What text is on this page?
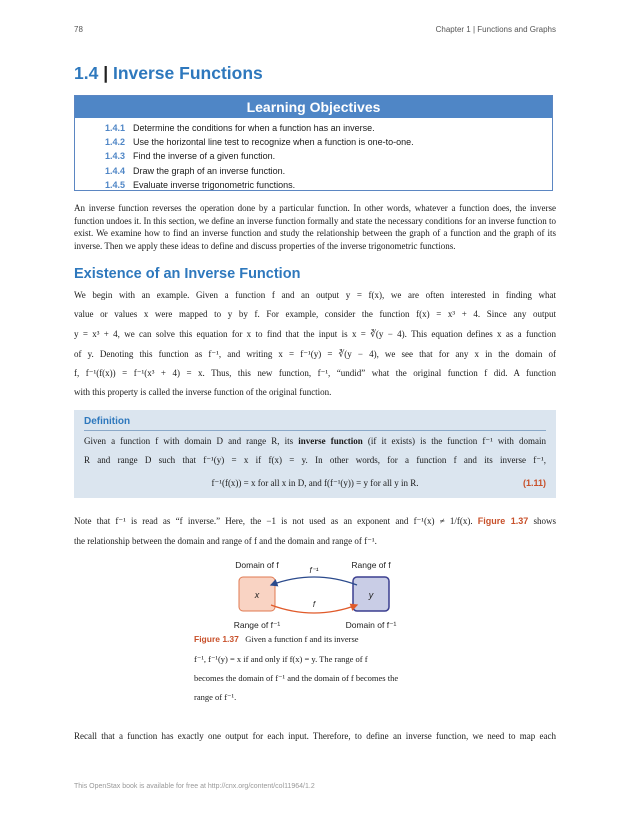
78	Chapter 1 | Functions and Graphs
1.4 | Inverse Functions
Learning Objectives
1.4.1 Determine the conditions for when a function has an inverse.
1.4.2 Use the horizontal line test to recognize when a function is one-to-one.
1.4.3 Find the inverse of a given function.
1.4.4 Draw the graph of an inverse function.
1.4.5 Evaluate inverse trigonometric functions.

An inverse function reverses the operation done by a particular function. In other words, whatever a function does, the inverse function undoes it. In this section, we define an inverse function formally and state the necessary conditions for an inverse function to exist. We examine how to find an inverse function and study the relationship between the graph of a function and the graph of its inverse. Then we apply these ideas to define and discuss properties of the inverse trigonometric functions.

Existence of an Inverse Function
We begin with an example. Given a function f and an output y = f(x), we are often interested in finding what
value or values x were mapped to y by f. For example, consider the function f(x) = x³ + 4. Since any output
y = x³ + 4, we can solve this equation for x to find that the input is x = ∛(y − 4). This equation defines x as a function
of y. Denoting this function as f⁻¹, and writing x = f⁻¹(y) = ∛(y − 4), we see that for any x in the domain of
f, f⁻¹(f(x)) = f⁻¹(x³ + 4) = x. Thus, this new function, f⁻¹, “undid” what the original function f did. A function
with this property is called the inverse function of the original function.
Definition
Given a function f with domain D and range R, its inverse function (if it exists) is the function f⁻¹ with domain
R and range D such that f⁻¹(y) = x if f(x) = y. In other words, for a function f and its inverse f⁻¹,
f⁻¹(f(x)) = x for all x in D, and f(f⁻¹(y)) = y for all y in R.	(1.11)
Note that f⁻¹ is read as “f inverse.” Here, the −1 is not used as an exponent and f⁻¹(x) ≠ 1/f(x). Figure 1.37 shows
the relationship between the domain and range of f and the domain and range of f⁻¹.
Domain of f	Range of f
x	y
f⁻¹
f
Range of f⁻¹	Domain of f⁻¹
Figure 1.37 Given a function f and its inverse
f⁻¹, f⁻¹(y) = x if and only if f(x) = y. The range of f
becomes the domain of f⁻¹ and the domain of f becomes the
range of f⁻¹.
Recall that a function has exactly one output for each input. Therefore, to define an inverse function, we need to map each
This OpenStax book is available for free at http://cnx.org/content/col11964/1.2
